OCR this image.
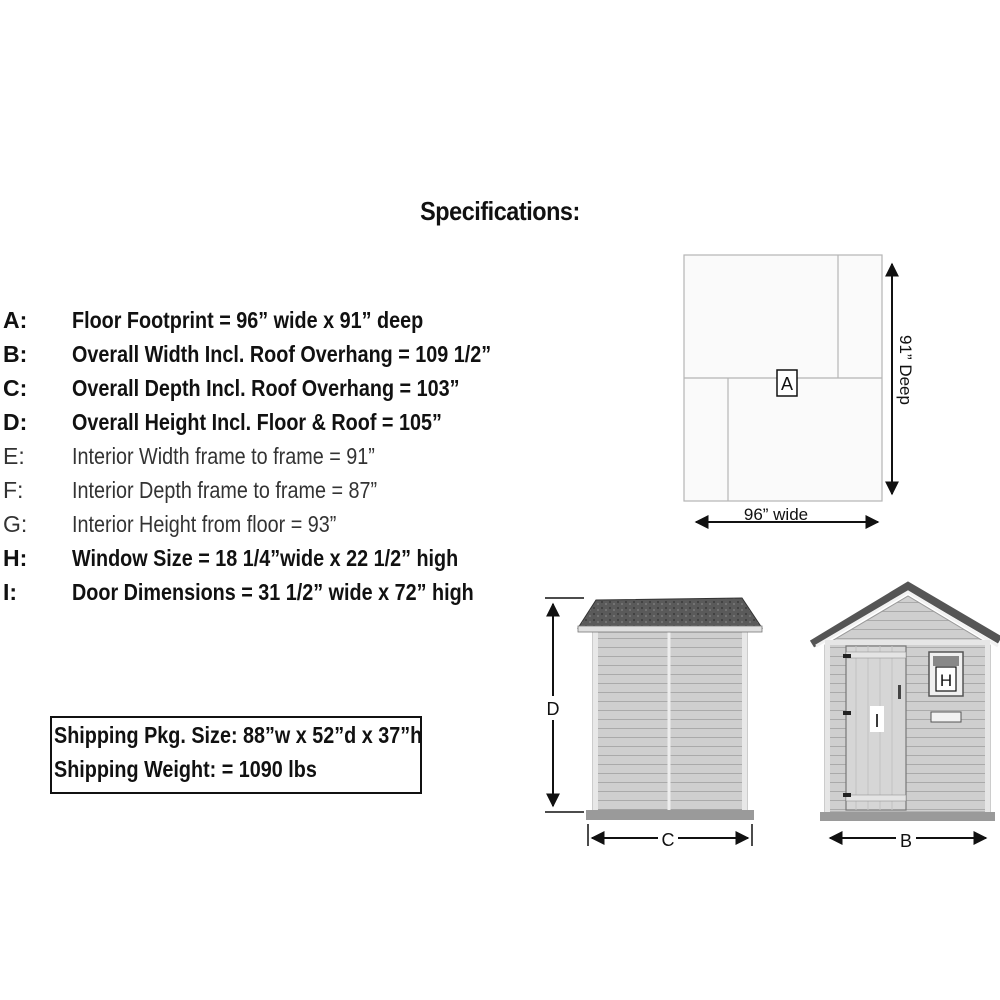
Specifications:
A:	Floor Footprint = 96” wide x 91” deep
B:	Overall Width Incl. Roof Overhang = 109 1/2”
C:	Overall Depth Incl. Roof Overhang = 103”
D:	Overall Height Incl. Floor & Roof = 105”
E:	Interior Width frame to frame = 91”
F:	Interior Depth frame to frame = 87”
G:	Interior Height from floor = 93”
H:	Window Size = 18 1/4”wide x 22 1/2” high
I:	Door Dimensions = 31 1/2” wide x 72” high
Shipping Pkg. Size: 88”w x 52”d x 37”h
Shipping Weight: = 1090 lbs
A	91” Deep
96” wide
D
C
I
H
B
